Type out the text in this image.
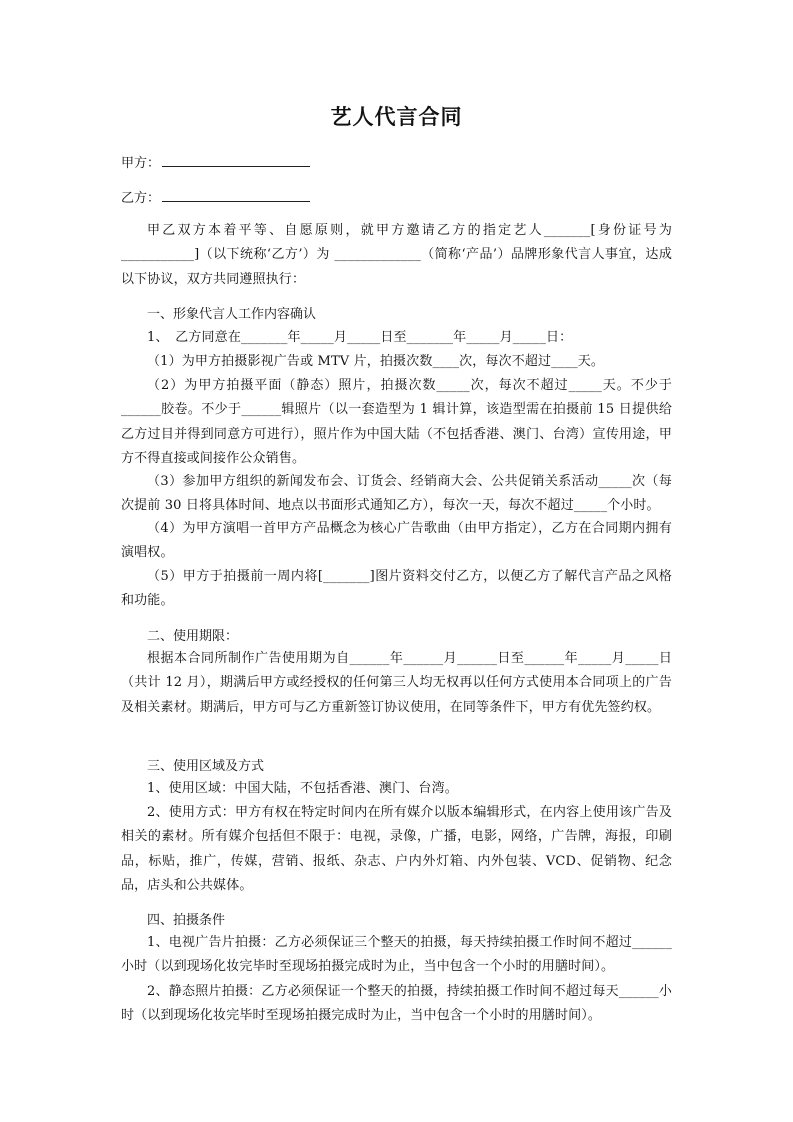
艺人代言合同
甲方：
乙方：
甲乙双方本着平等、自愿原则，就甲方邀请乙方的指定艺人_______[身份证号为___________]（以下统称‘乙方’）为 _____________（简称‘产品’）品牌形象代言人事宜，达成以下协议，双方共同遵照执行：
一、形象代言人工作内容确认
1、　乙方同意在_______年_____月_____日至_______年_____月_____日：
（1）为甲方拍摄影视广告或 MTV 片，拍摄次数____次，每次不超过____天。
（2）为甲方拍摄平面（静态）照片，拍摄次数_____次，每次不超过_____天。不少于______胶卷。不少于______辑照片（以一套造型为 1 辑计算，该造型需在拍摄前 15 日提供给乙方过目并得到同意方可进行），照片作为中国大陆（不包括香港、澳门、台湾）宣传用途，甲方不得直接或间接作公众销售。
（3）参加甲方组织的新闻发布会、订货会、经销商大会、公共促销关系活动_____次（每次提前 30 日将具体时间、地点以书面形式通知乙方），每次一天，每次不超过_____个小时。
（4）为甲方演唱一首甲方产品概念为核心广告歌曲（由甲方指定），乙方在合同期内拥有演唱权。
（5）甲方于拍摄前一周内将[_______]图片资料交付乙方，以便乙方了解代言产品之风格和功能。
二、使用期限：
根据本合同所制作广告使用期为自______年______月______日至______年_____月_____日（共计 12 月），期满后甲方或经授权的任何第三人均无权再以任何方式使用本合同项上的广告及相关素材。期满后，甲方可与乙方重新签订协议使用，在同等条件下，甲方有优先签约权。
三、使用区域及方式
1、使用区域：中国大陆，不包括香港、澳门、台湾。
2、使用方式：甲方有权在特定时间内在所有媒介以版本编辑形式，在内容上使用该广告及相关的素材。所有媒介包括但不限于：电视，录像，广播，电影，网络，广告牌，海报，印刷品，标贴，推广，传媒，营销、报纸、杂志、户内外灯箱、内外包装、VCD、促销物、纪念品，店头和公共媒体。
四、拍摄条件
1、电视广告片拍摄：乙方必须保证三个整天的拍摄，每天持续拍摄工作时间不超过______小时（以到现场化妆完毕时至现场拍摄完成时为止，当中包含一个小时的用膳时间）。
2、静态照片拍摄：乙方必须保证一个整天的拍摄，持续拍摄工作时间不超过每天______小时（以到现场化妆完毕时至现场拍摄完成时为止，当中包含一个小时的用膳时间）。
